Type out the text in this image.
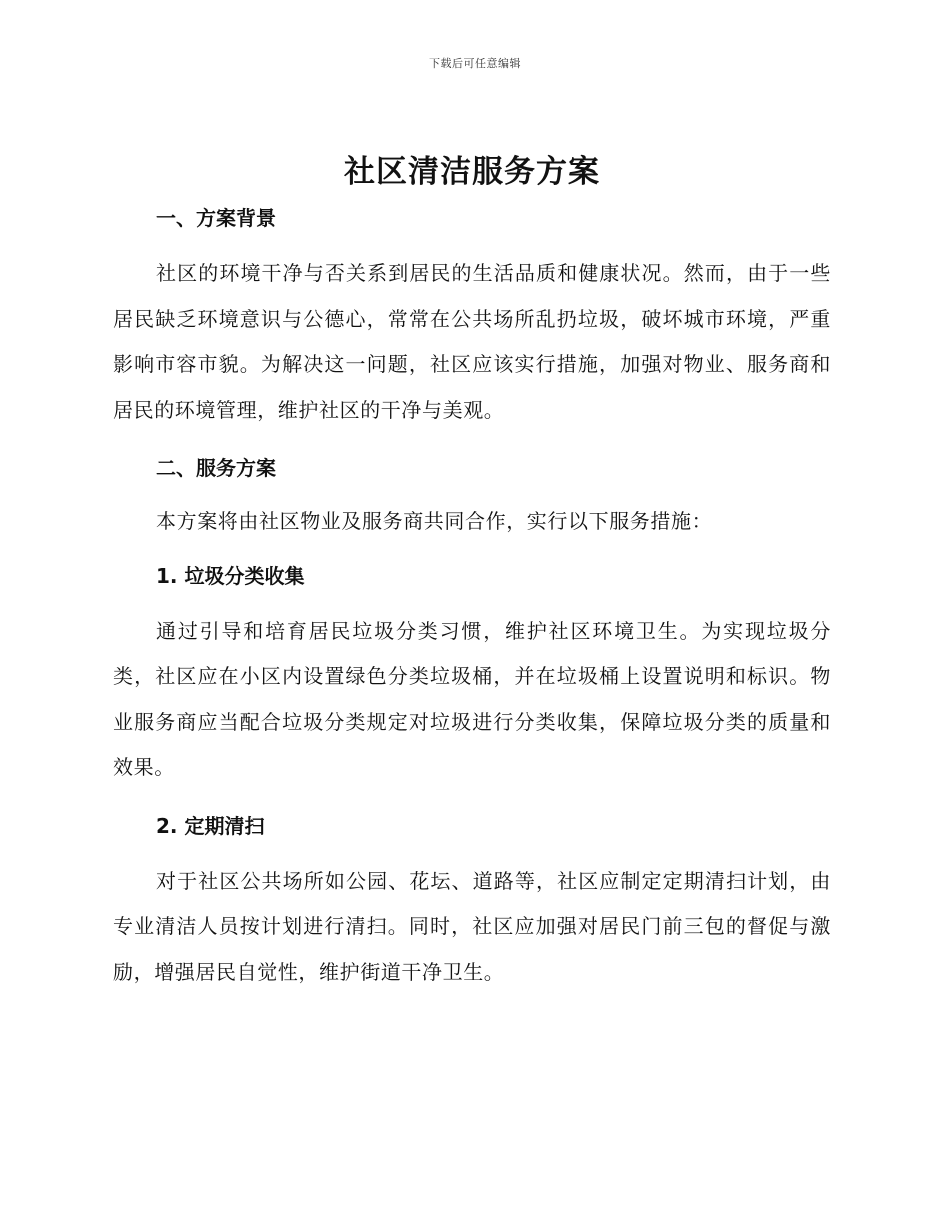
下载后可任意编辑
社区清洁服务方案
一、方案背景

社区的环境干净与否关系到居民的生活品质和健康状况。然而，由于一些居民缺乏环境意识与公德心，常常在公共场所乱扔垃圾，破坏城市环境，严重影响市容市貌。为解决这一问题，社区应该实行措施，加强对物业、服务商和居民的环境管理，维护社区的干净与美观。

二、服务方案

本方案将由社区物业及服务商共同合作，实行以下服务措施：

1. 垃圾分类收集

通过引导和培育居民垃圾分类习惯，维护社区环境卫生。为实现垃圾分类，社区应在小区内设置绿色分类垃圾桶，并在垃圾桶上设置说明和标识。物业服务商应当配合垃圾分类规定对垃圾进行分类收集，保障垃圾分类的质量和效果。

2. 定期清扫

对于社区公共场所如公园、花坛、道路等，社区应制定定期清扫计划，由专业清洁人员按计划进行清扫。同时，社区应加强对居民门前三包的督促与激励，增强居民自觉性，维护街道干净卫生。
